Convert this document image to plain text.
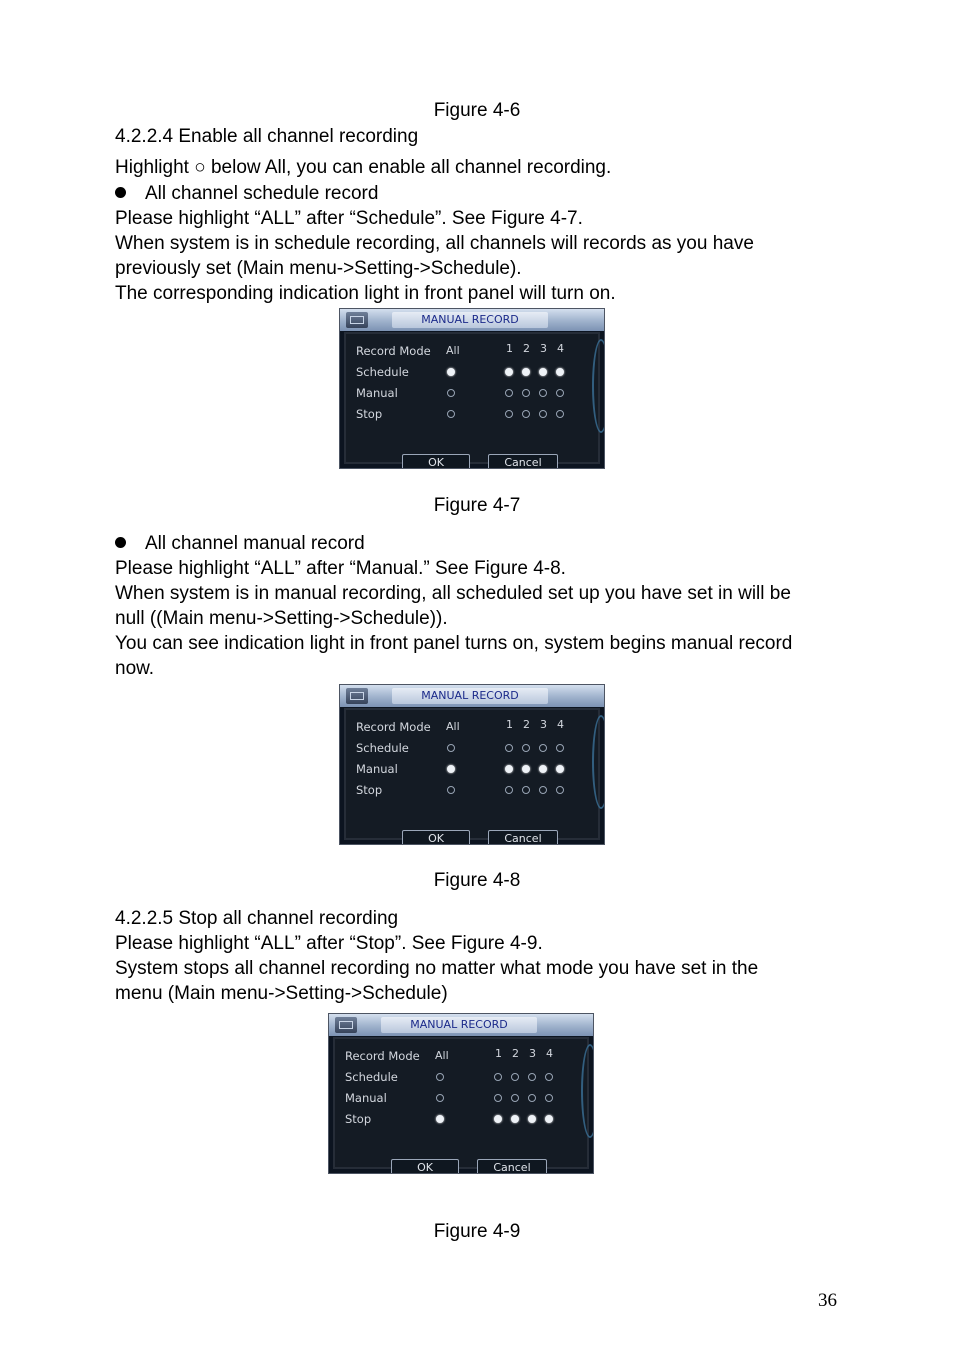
Figure 4-6
4.2.2.4 Enable all channel recording
Highlight ○ below All, you can enable all channel recording.
All channel schedule record
Please highlight “ALL” after “Schedule”. See Figure 4-7.
When system is in schedule recording, all channels will records as you have
previously set (Main menu->Setting->Schedule).
The corresponding indication light in front panel will turn on.
MANUAL RECORD
Record Mode All	1 2 3 4
Schedule
Manual
Stop
OK	Cancel
Figure 4-7
All channel manual record
Please highlight “ALL” after “Manual.” See Figure 4-8.
When system is in manual recording, all scheduled set up you have set in will be
null ((Main menu->Setting->Schedule)).
You can see indication light in front panel turns on, system begins manual record
now.
MANUAL RECORD
Record Mode All	1 2 3 4
Schedule
Manual
Stop
OK	Cancel
Figure 4-8
4.2.2.5 Stop all channel recording
Please highlight “ALL” after “Stop”. See Figure 4-9.
System stops all channel recording no matter what mode you have set in the
menu (Main menu->Setting->Schedule)
MANUAL RECORD
Record Mode All	1 2 3 4
Schedule
Manual
Stop
OK	Cancel
Figure 4-9
36
